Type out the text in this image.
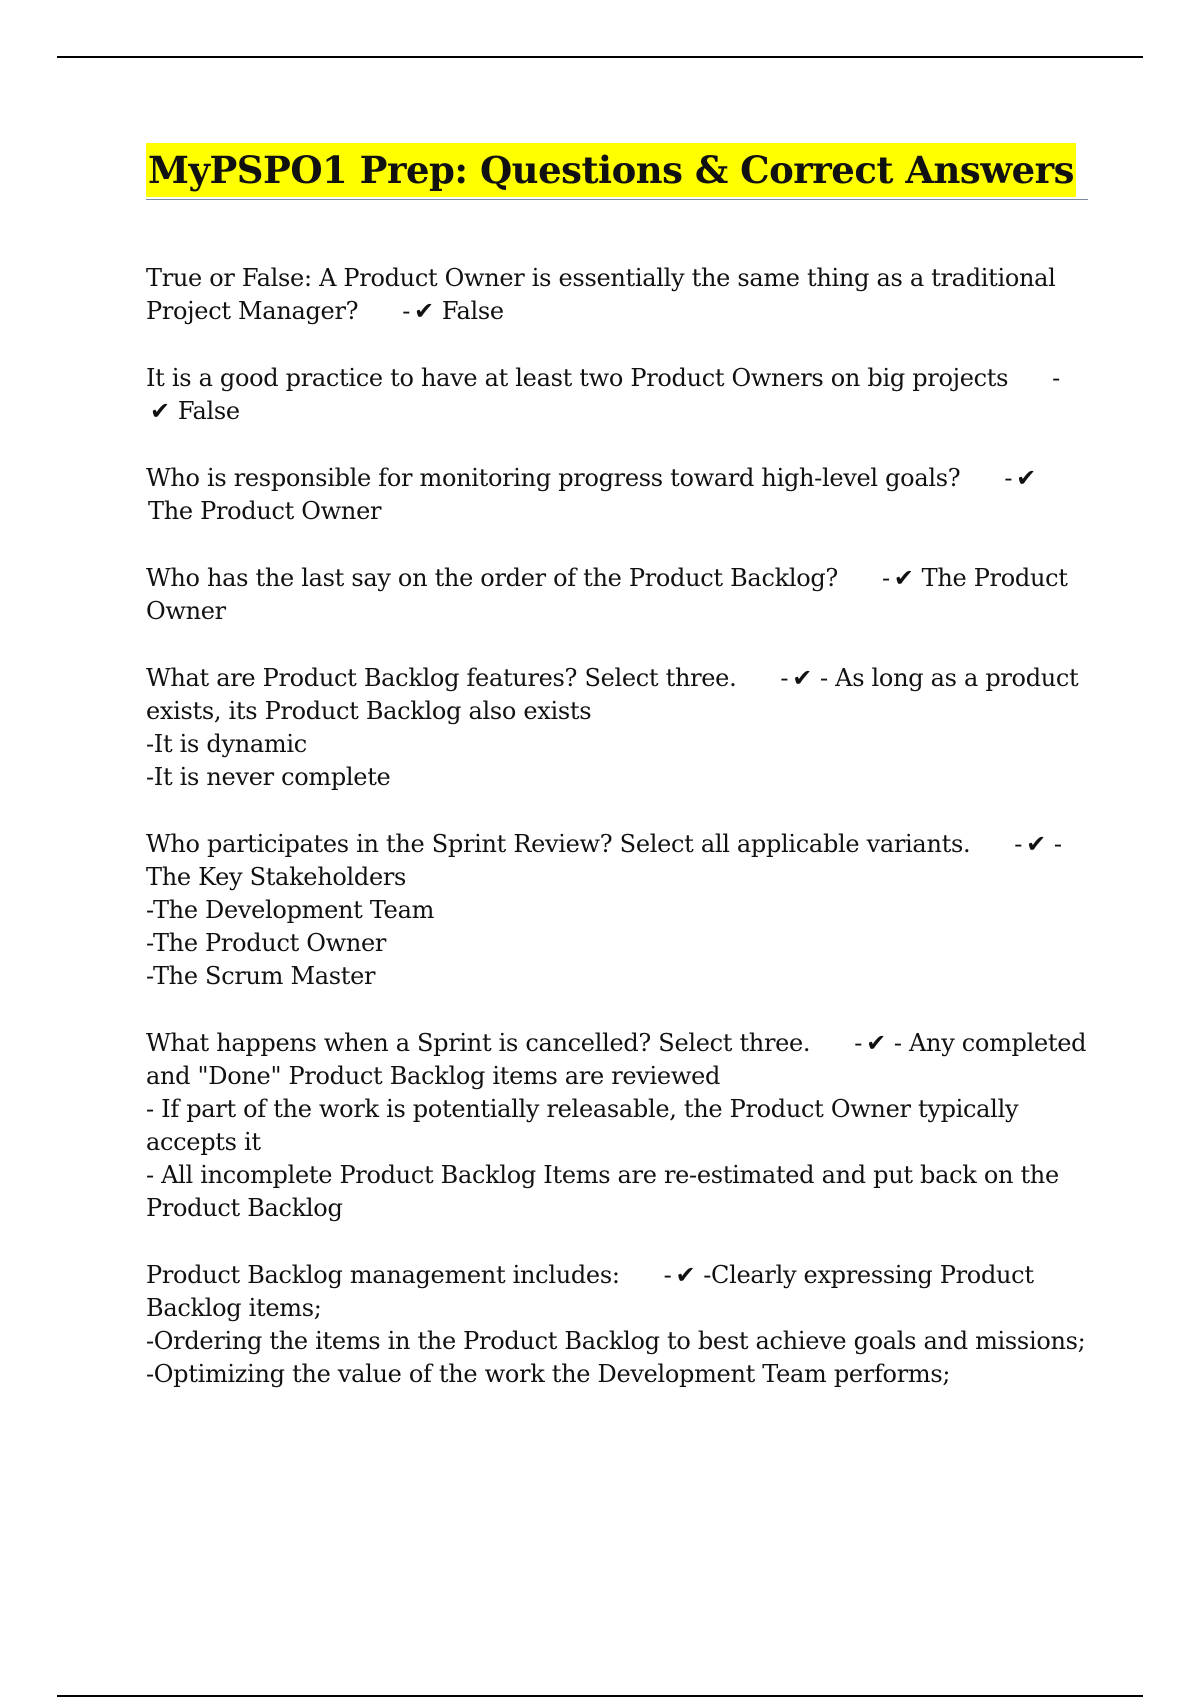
MyPSPO1 Prep: Questions & Correct Answers
True or False: A Product Owner is essentially the same thing as a traditional Project Manager? - ✔ False
It is a good practice to have at least two Product Owners on big projects -✔ False
Who is responsible for monitoring progress toward high-level goals? - ✔The Product Owner
Who has the last say on the order of the Product Backlog? - ✔ The Product Owner
What are Product Backlog features? Select three. - ✔ - As long as a product exists, its Product Backlog also exists
-It is dynamic
-It is never complete
Who participates in the Sprint Review? Select all applicable variants. - ✔ - The Key Stakeholders
-The Development Team
-The Product Owner
-The Scrum Master
What happens when a Sprint is cancelled? Select three. - ✔ - Any completed and "Done" Product Backlog items are reviewed
- If part of the work is potentially releasable, the Product Owner typically accepts it
- All incomplete Product Backlog Items are re-estimated and put back on the Product Backlog
Product Backlog management includes: - ✔ -Clearly expressing Product Backlog items;
-Ordering the items in the Product Backlog to best achieve goals and missions;
-Optimizing the value of the work the Development Team performs;
